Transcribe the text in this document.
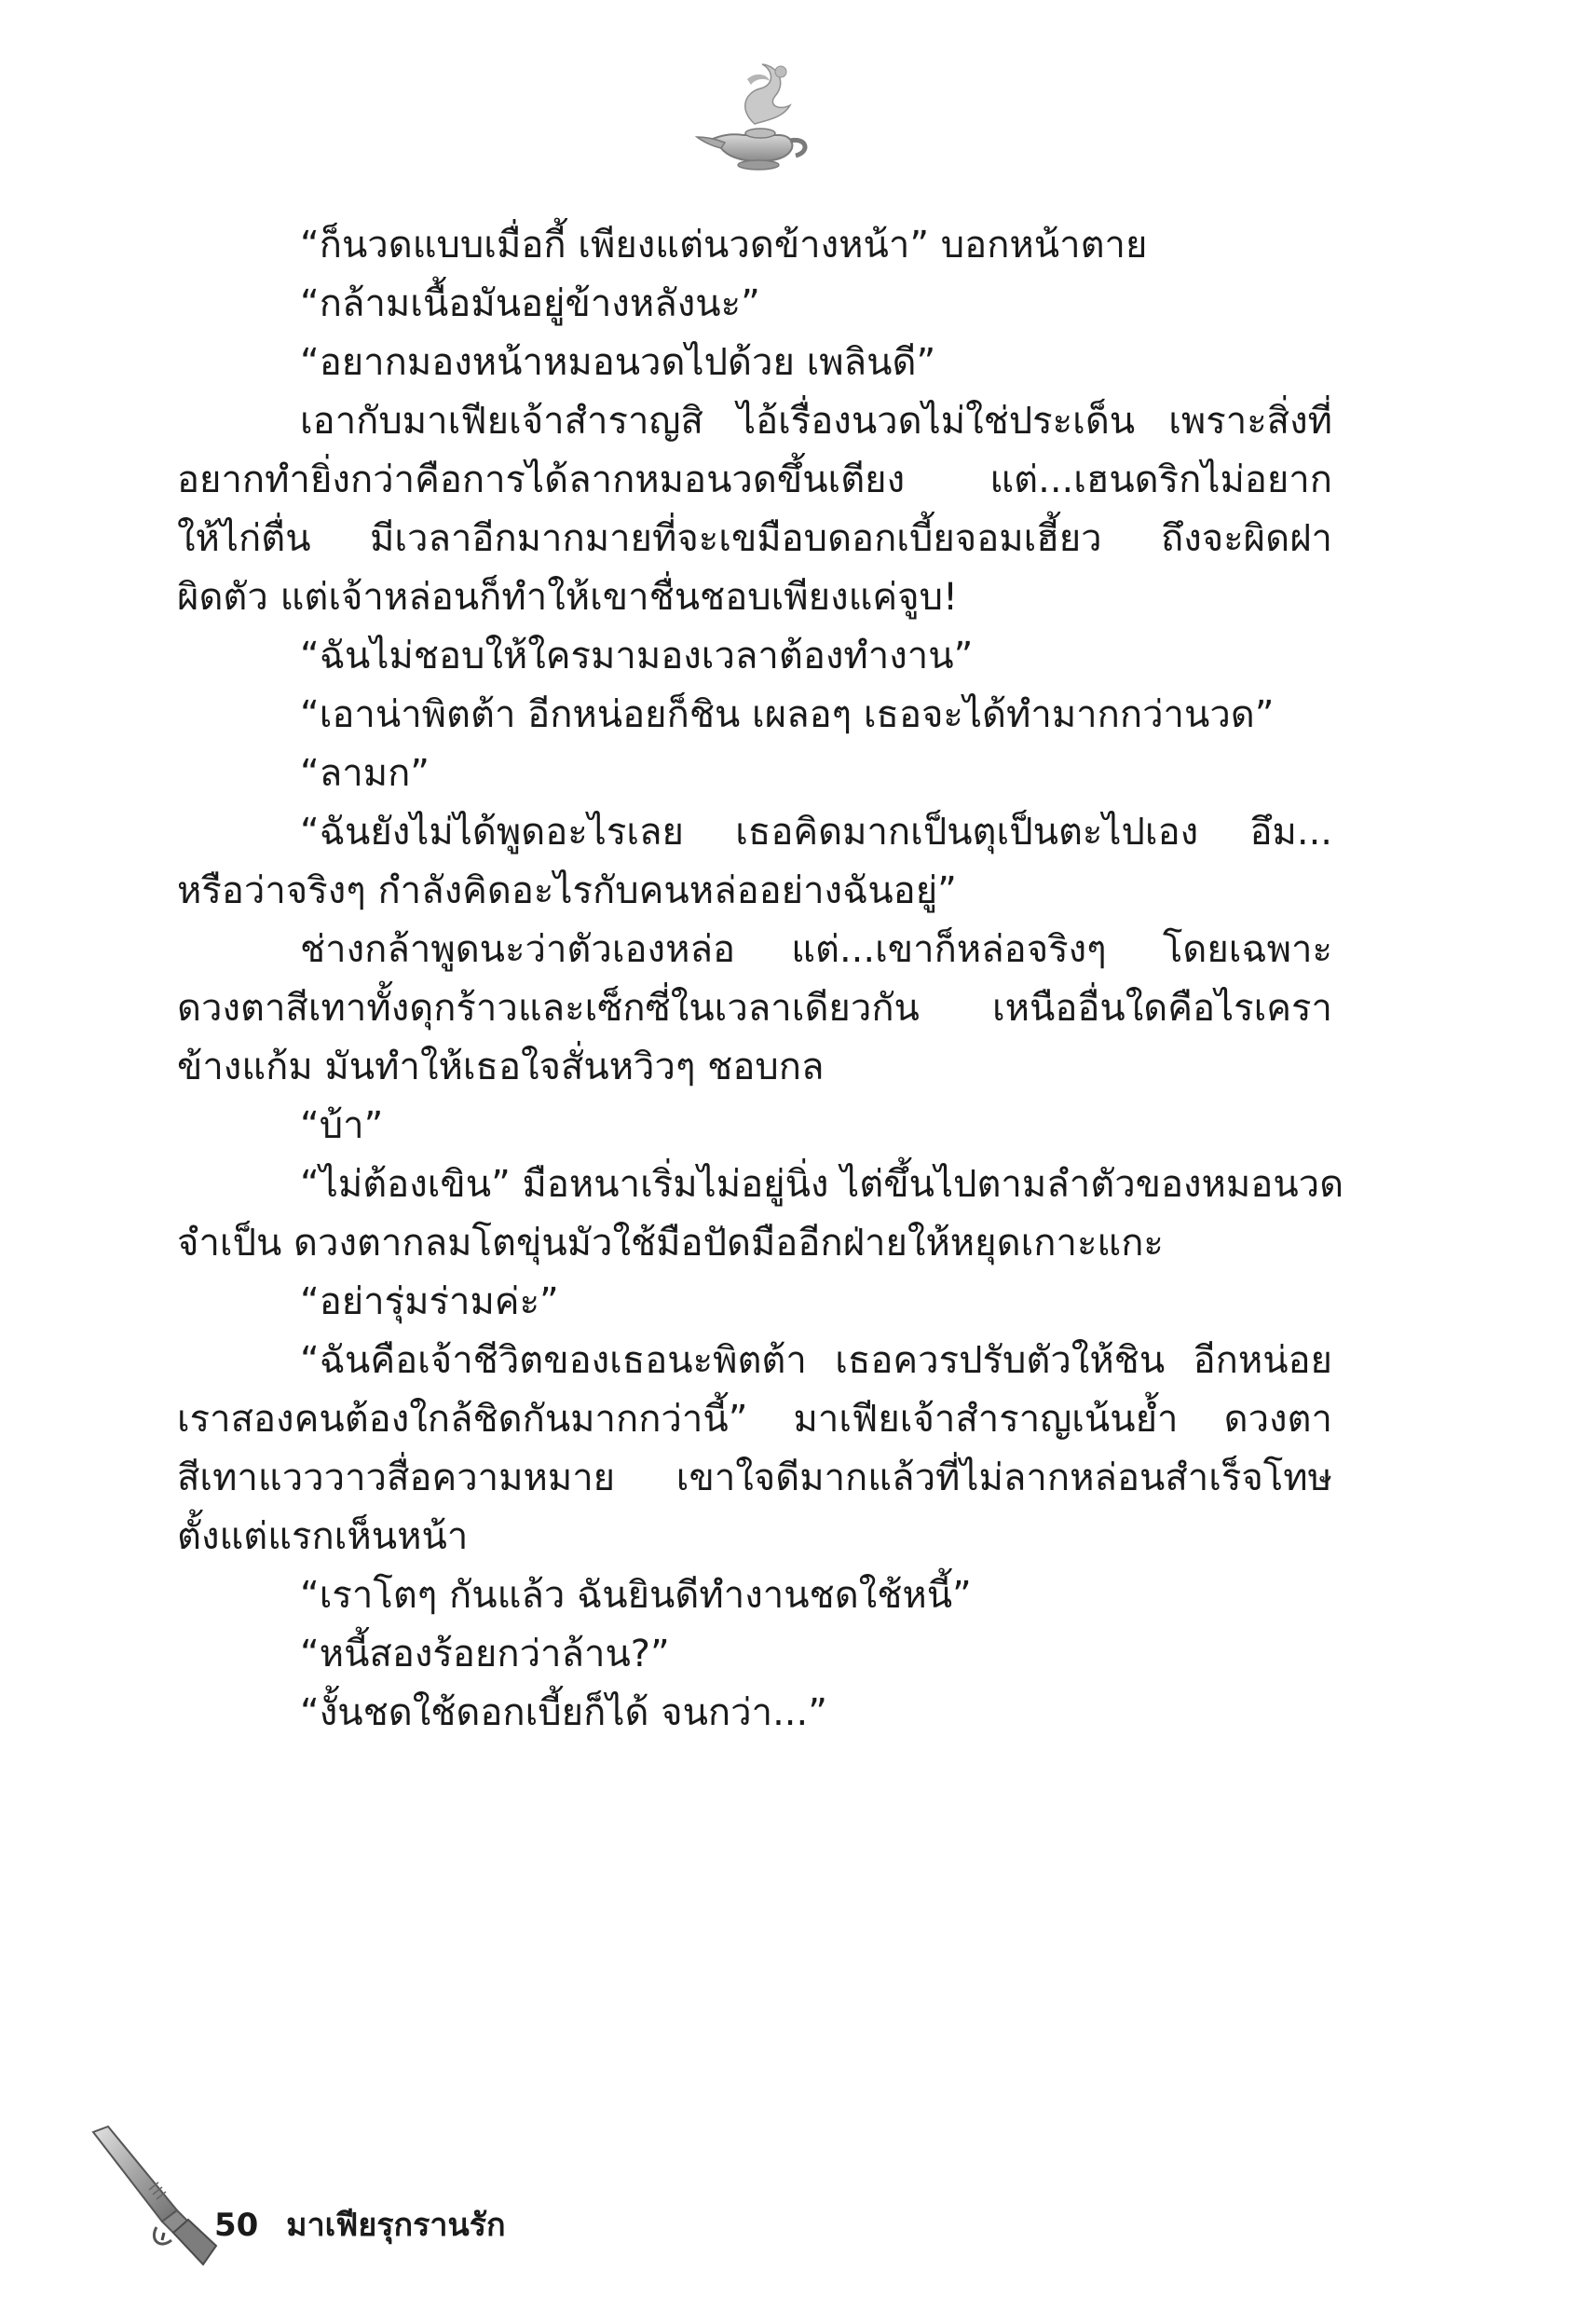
“ก็นวดแบบเมื่อกี้ เพียงแต่นวดข้างหน้า” บอกหน้าตาย
“กล้ามเนื้อมันอยู่ข้างหลังนะ”
“อยากมองหน้าหมอนวดไปด้วย เพลินดี”
เอากับมาเฟียเจ้าสำราญสิ ไอ้เรื่องนวดไม่ใช่ประเด็น เพราะสิ่งที่
อยากทำยิ่งกว่าคือการได้ลากหมอนวดขึ้นเตียง แต่...เฮนดริกไม่อยาก
ให้ไก่ตื่น มีเวลาอีกมากมายที่จะเขมือบดอกเบี้ยจอมเฮี้ยว ถึงจะผิดฝา
ผิดตัว แต่เจ้าหล่อนก็ทำให้เขาชื่นชอบเพียงแค่จูบ!
“ฉันไม่ชอบให้ใครมามองเวลาต้องทำงาน”
“เอาน่าพิตต้า อีกหน่อยก็ชิน เผลอๆ เธอจะได้ทำมากกว่านวด”
“ลามก”
“ฉันยังไม่ได้พูดอะไรเลย เธอคิดมากเป็นตุเป็นตะไปเอง อึม...
หรือว่าจริงๆ กำลังคิดอะไรกับคนหล่ออย่างฉันอยู่”
ช่างกล้าพูดนะว่าตัวเองหล่อ แต่...เขาก็หล่อจริงๆ โดยเฉพาะ
ดวงตาสีเทาทั้งดุกร้าวและเซ็กซี่ในเวลาเดียวกัน เหนืออื่นใดคือไรเครา
ข้างแก้ม มันทำให้เธอใจสั่นหวิวๆ ชอบกล
“บ้า”
“ไม่ต้องเขิน” มือหนาเริ่มไม่อยู่นิ่ง ไต่ขึ้นไปตามลำตัวของหมอนวด
จำเป็น ดวงตากลมโตขุ่นมัวใช้มือปัดมืออีกฝ่ายให้หยุดเกาะแกะ
“อย่ารุ่มร่ามค่ะ”
“ฉันคือเจ้าชีวิตของเธอนะพิตต้า เธอควรปรับตัวให้ชิน อีกหน่อย
เราสองคนต้องใกล้ชิดกันมากกว่านี้” มาเฟียเจ้าสำราญเน้นย้ำ ดวงตา
สีเทาแวววาวสื่อความหมาย เขาใจดีมากแล้วที่ไม่ลากหล่อนสำเร็จโทษ
ตั้งแต่แรกเห็นหน้า
“เราโตๆ กันแล้ว ฉันยินดีทำงานชดใช้หนี้”
“หนี้สองร้อยกว่าล้าน?”
“งั้นชดใช้ดอกเบี้ยก็ได้ จนกว่า...”
50 มาเฟียรุกรานรัก
